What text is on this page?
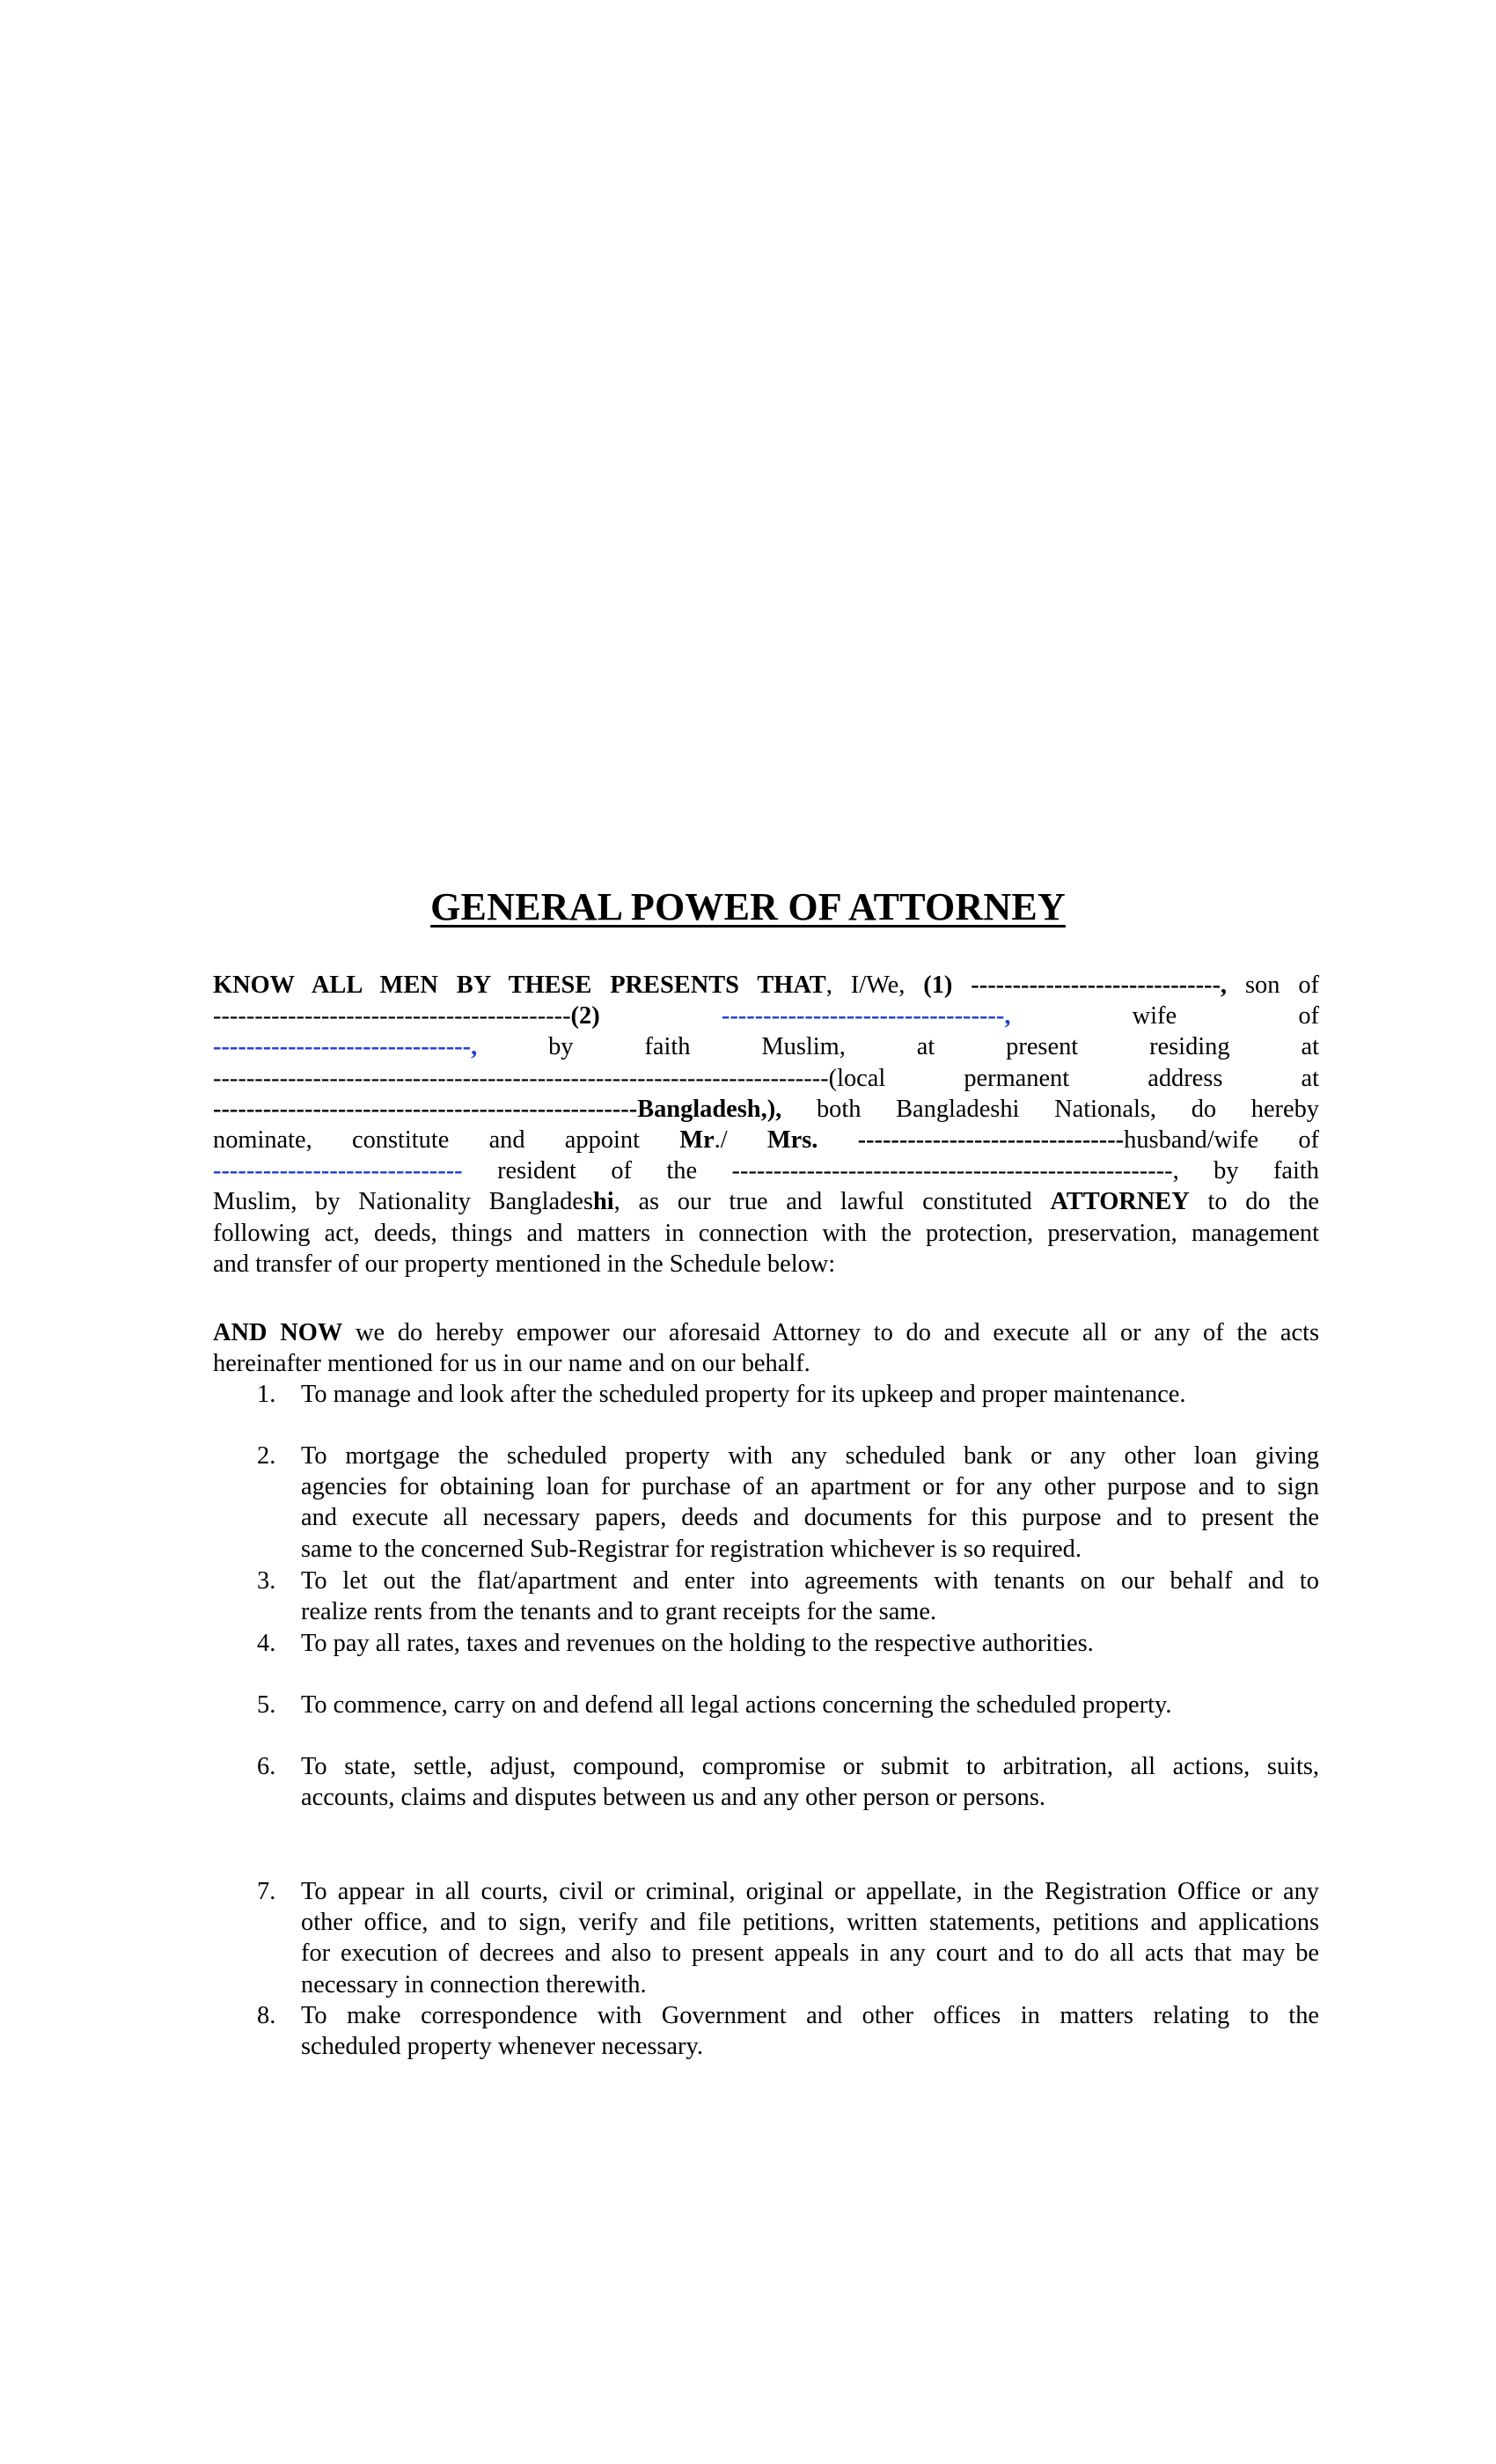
GENERAL POWER OF ATTORNEY
KNOW ALL MEN BY THESE PRESENTS THAT, I/We, (1) ------------------------------, son of
-------------------------------------------(2)	----------------------------------,	wife	of
-------------------------------,	by	faith	Muslim,	at	present	residing	at
--------------------------------------------------------------------------(local	permanent	address	at
---------------------------------------------------Bangladesh,), both Bangladeshi Nationals, do hereby
nominate, constitute and appoint Mr./ Mrs. --------------------------------husband/wife of
------------------------------ resident of the -----------------------------------------------------, by faith
Muslim, by Nationality Bangladeshi, as our true and lawful constituted ATTORNEY to do the
following act, deeds, things and matters in connection with the protection, preservation, management
and transfer of our property mentioned in the Schedule below:
AND NOW we do hereby empower our aforesaid Attorney to do and execute all or any of the acts
hereinafter mentioned for us in our name and on our behalf.
1.	To manage and look after the scheduled property for its upkeep and proper maintenance.
2.	To mortgage the scheduled property with any scheduled bank or any other loan giving
agencies for obtaining loan for purchase of an apartment or for any other purpose and to sign
and execute all necessary papers, deeds and documents for this purpose and to present the
same to the concerned Sub-Registrar for registration whichever is so required.
3.	To let out the flat/apartment and enter into agreements with tenants on our behalf and to
realize rents from the tenants and to grant receipts for the same.
4.	To pay all rates, taxes and revenues on the holding to the respective authorities.
5.	To commence, carry on and defend all legal actions concerning the scheduled property.
6.	To state, settle, adjust, compound, compromise or submit to arbitration, all actions, suits,
accounts, claims and disputes between us and any other person or persons.
7.	To appear in all courts, civil or criminal, original or appellate, in the Registration Office or any
other office, and to sign, verify and file petitions, written statements, petitions and applications
for execution of decrees and also to present appeals in any court and to do all acts that may be
necessary in connection therewith.
8.	To make correspondence with Government and other offices in matters relating to the
scheduled property whenever necessary.
